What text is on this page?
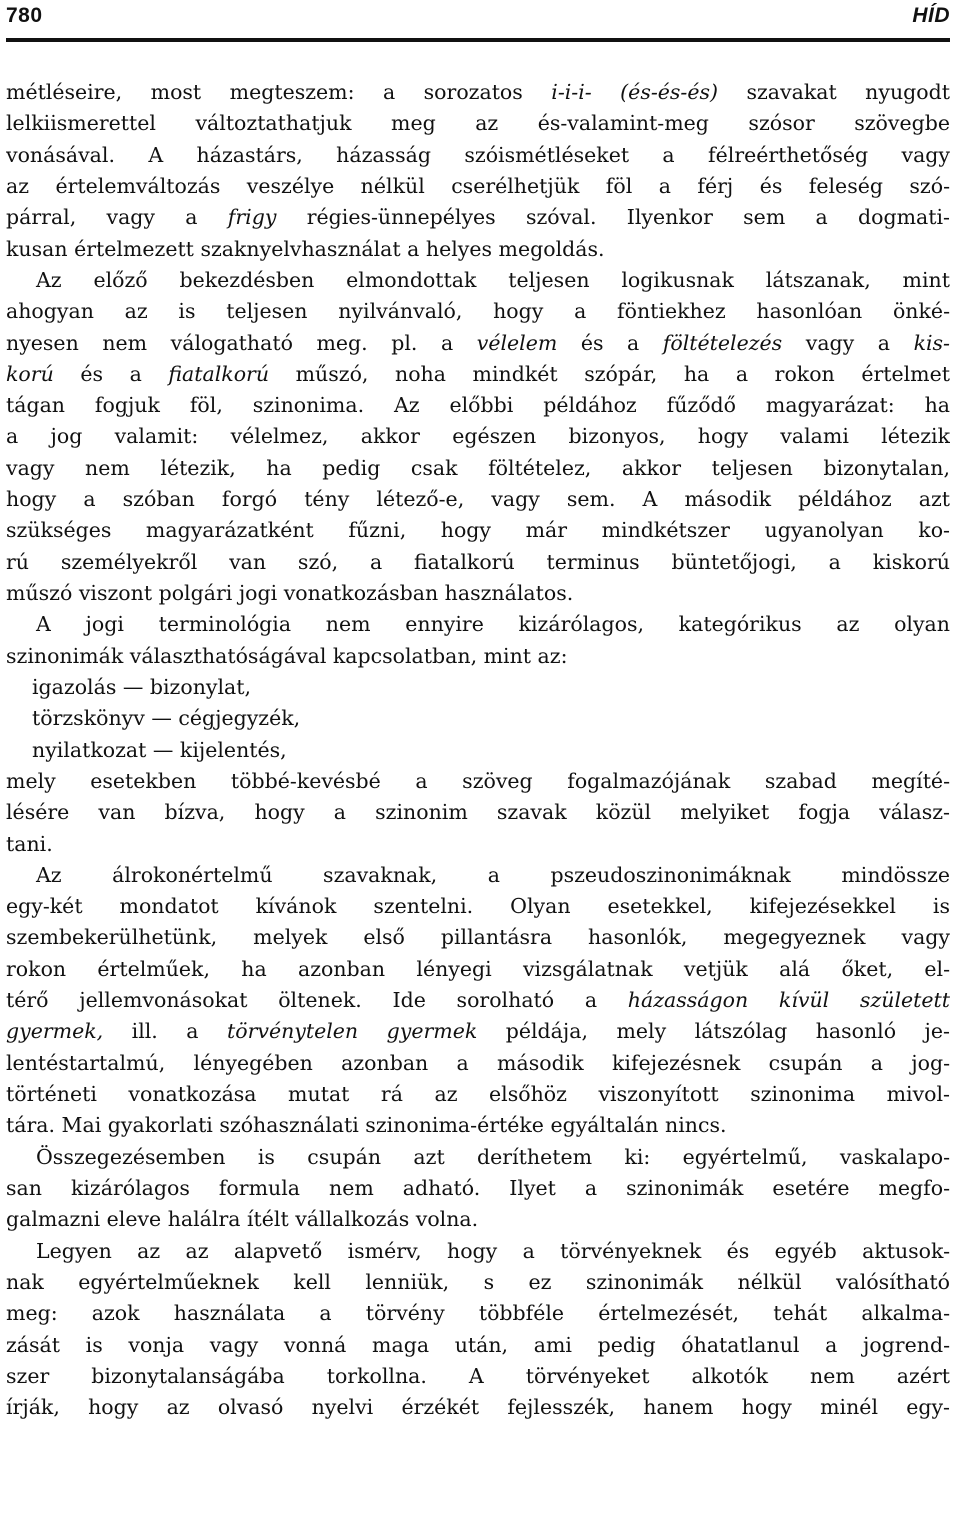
780	HÍD
métléseire, most megteszem: a sorozatos i-i-i- (és-és-és) szavakat nyugodt
lelkiismerettel változtathatjuk meg az és-valamint-meg szósor szövegbe
vonásával. A házastárs, házasság szóismétléseket a félreérthetőség vagy
az értelemváltozás veszélye nélkül cserélhetjük föl a férj és feleség szó-
párral, vagy a frigy régies-ünnepélyes szóval. Ilyenkor sem a dogmati-
kusan értelmezett szaknyelvhasználat a helyes megoldás.
Az előző bekezdésben elmondottak teljesen logikusnak látszanak, mint
ahogyan az is teljesen nyilvánvaló, hogy a föntiekhez hasonlóan önké-
nyesen nem válogatható meg. pl. a vélelem és a föltételezés vagy a kis-
korú és a fiatalkorú műszó, noha mindkét szópár, ha a rokon értelmet
tágan fogjuk föl, szinonima. Az előbbi példához fűződő magyarázat: ha
a jog valamit: vélelmez, akkor egészen bizonyos, hogy valami létezik
vagy nem létezik, ha pedig csak föltételez, akkor teljesen bizonytalan,
hogy a szóban forgó tény létező-e, vagy sem. A második példához azt
szükséges magyarázatként fűzni, hogy már mindkétszer ugyanolyan ko-
rú személyekről van szó, a fiatalkorú terminus büntetőjogi, a kiskorú
műszó viszont polgári jogi vonatkozásban használatos.
A jogi terminológia nem ennyire kizárólagos, kategórikus az olyan
szinonimák választhatóságával kapcsolatban, mint az:
igazolás — bizonylat,
törzskönyv — cégjegyzék,
nyilatkozat — kijelentés,
mely esetekben többé-kevésbé a szöveg fogalmazójának szabad megíté-
lésére van bízva, hogy a szinonim szavak közül melyiket fogja válasz-
tani.
Az álrokonértelmű szavaknak, a pszeudoszinonimáknak mindössze
egy-két mondatot kívánok szentelni. Olyan esetekkel, kifejezésekkel is
szembekerülhetünk, melyek első pillantásra hasonlók, megegyeznek vagy
rokon értelműek, ha azonban lényegi vizsgálatnak vetjük alá őket, el-
térő jellemvonásokat öltenek. Ide sorolható a házasságon kívül született
gyermek, ill. a törvénytelen gyermek példája, mely látszólag hasonló je-
lentéstartalmú, lényegében azonban a második kifejezésnek csupán a jog-
történeti vonatkozása mutat rá az elsőhöz viszonyított szinonima mivol-
tára. Mai gyakorlati szóhasználati szinonima-értéke egyáltalán nincs.
Összegezésemben is csupán azt deríthetem ki: egyértelmű, vaskalapo-
san kizárólagos formula nem adható. Ilyet a szinonimák esetére megfo-
galmazni eleve halálra ítélt vállalkozás volna.
Legyen az az alapvető ismérv, hogy a törvényeknek és egyéb aktusok-
nak egyértelműeknek kell lenniük, s ez szinonimák nélkül valósítható
meg: azok használata a törvény többféle értelmezését, tehát alkalma-
zását is vonja vagy vonná maga után, ami pedig óhatatlanul a jogrend-
szer bizonytalanságába torkollna. A törvényeket alkotók nem azért
írják, hogy az olvasó nyelvi érzékét fejlesszék, hanem hogy minél egy-
